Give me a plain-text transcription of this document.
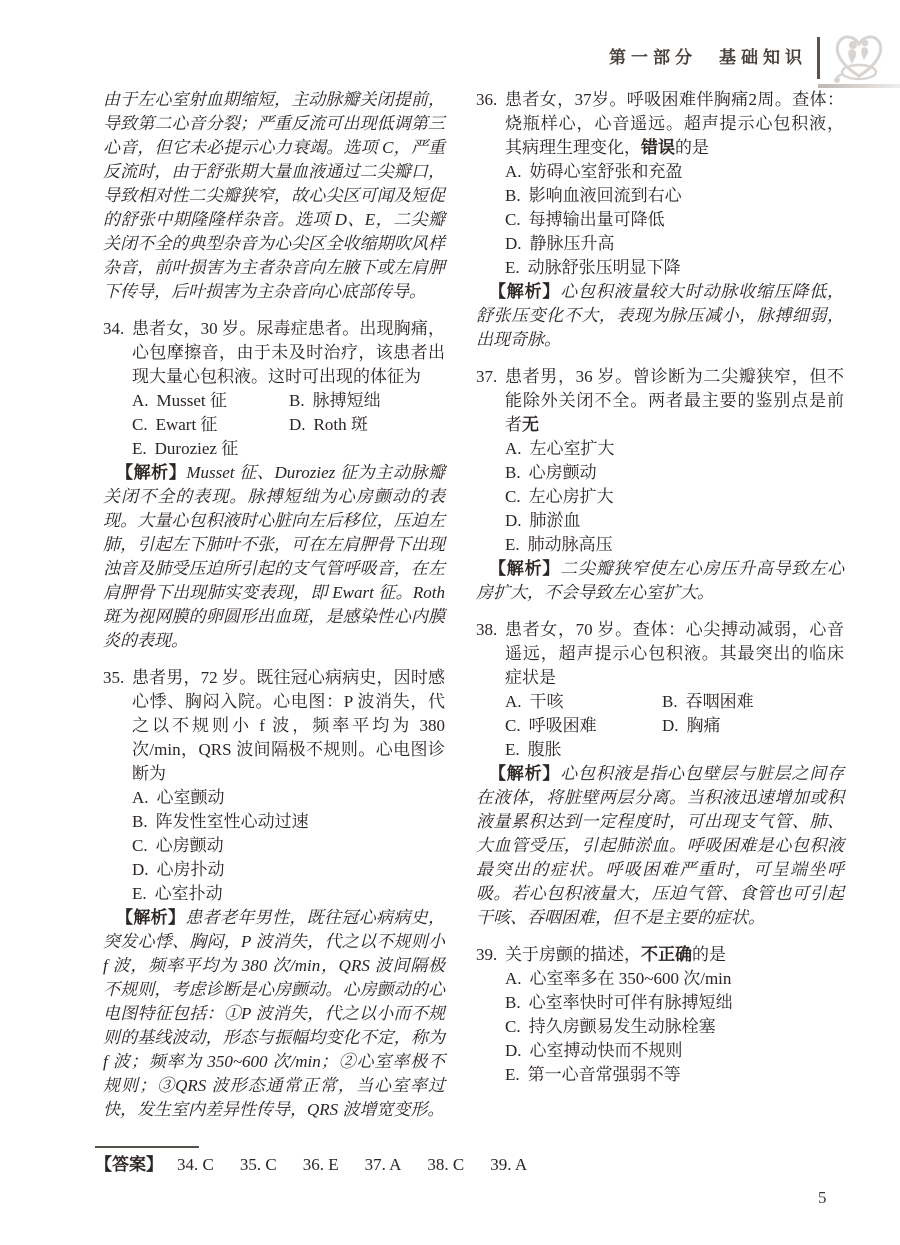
第一部分　基础知识

由于左心室射血期缩短，主动脉瓣关闭提前，导致第二心音分裂；严重反流可出现低调第三心音，但它未必提示心力衰竭。选项 C，严重反流时，由于舒张期大量血液通过二尖瓣口，导致相对性二尖瓣狭窄，故心尖区可闻及短促的舒张中期隆隆样杂音。选项 D、E，二尖瓣关闭不全的典型杂音为心尖区全收缩期吹风样杂音，前叶损害为主者杂音向左腋下或左肩胛下传导，后叶损害为主杂音向心底部传导。

34. 患者女，30 岁。尿毒症患者。出现胸痛，心包摩擦音，由于未及时治疗，该患者出现大量心包积液。这时可出现的体征为

A. Musset 征	B. 脉搏短绌
C. Ewart 征	D. Roth 斑
E. Duroziez 征

【解析】Musset 征、Duroziez 征为主动脉瓣关闭不全的表现。脉搏短绌为心房颤动的表现。大量心包积液时心脏向左后移位，压迫左肺，引起左下肺叶不张，可在左肩胛骨下出现浊音及肺受压迫所引起的支气管呼吸音，在左肩胛骨下出现肺实变表现，即 Ewart 征。Roth 斑为视网膜的卵圆形出血斑，是感染性心内膜炎的表现。

35. 患者男，72 岁。既往冠心病病史，因时感心悸、胸闷入院。心电图：P 波消失，代之以不规则小 f 波，频率平均为 380 次/min，QRS 波间隔极不规则。心电图诊断为

A. 心室颤动
B. 阵发性室性心动过速
C. 心房颤动
D. 心房扑动
E. 心室扑动

【解析】患者老年男性，既往冠心病病史，突发心悸、胸闷，P 波消失，代之以不规则小 f 波，频率平均为 380 次/min，QRS 波间隔极不规则，考虑诊断是心房颤动。心房颤动的心电图特征包括：①P 波消失，代之以小而不规则的基线波动，形态与振幅均变化不定，称为 f 波；频率为 350~600 次/min；②心室率极不规则；③QRS 波形态通常正常，当心室率过快，发生室内差异性传导，QRS 波增宽变形。

36. 患者女，37岁。呼吸困难伴胸痛2周。查体：烧瓶样心，心音遥远。超声提示心包积液，其病理生理变化，错误的是

A. 妨碍心室舒张和充盈
B. 影响血液回流到右心
C. 每搏输出量可降低
D. 静脉压升高
E. 动脉舒张压明显下降

【解析】心包积液量较大时动脉收缩压降低，舒张压变化不大，表现为脉压减小，脉搏细弱，出现奇脉。

37. 患者男，36 岁。曾诊断为二尖瓣狭窄，但不能除外关闭不全。两者最主要的鉴别点是前者无

A. 左心室扩大
B. 心房颤动
C. 左心房扩大
D. 肺淤血
E. 肺动脉高压

【解析】二尖瓣狭窄使左心房压升高导致左心房扩大，不会导致左心室扩大。

38. 患者女，70 岁。查体：心尖搏动减弱，心音遥远，超声提示心包积液。其最突出的临床症状是

A. 干咳	B. 吞咽困难
C. 呼吸困难	D. 胸痛
E. 腹胀

【解析】心包积液是指心包壁层与脏层之间存在液体，将脏壁两层分离。当积液迅速增加或积液量累积达到一定程度时，可出现支气管、肺、大血管受压，引起肺淤血。呼吸困难是心包积液最突出的症状。呼吸困难严重时，可呈端坐呼吸。若心包积液量大，压迫气管、食管也可引起干咳、吞咽困难，但不是主要的症状。

39. 关于房颤的描述，不正确的是

A. 心室率多在 350~600 次/min
B. 心室率快时可伴有脉搏短绌
C. 持久房颤易发生动脉栓塞
D. 心室搏动快而不规则
E. 第一心音常强弱不等
【答案】 34. C 35. C 36. E 37. A 38. C 39. A
5
